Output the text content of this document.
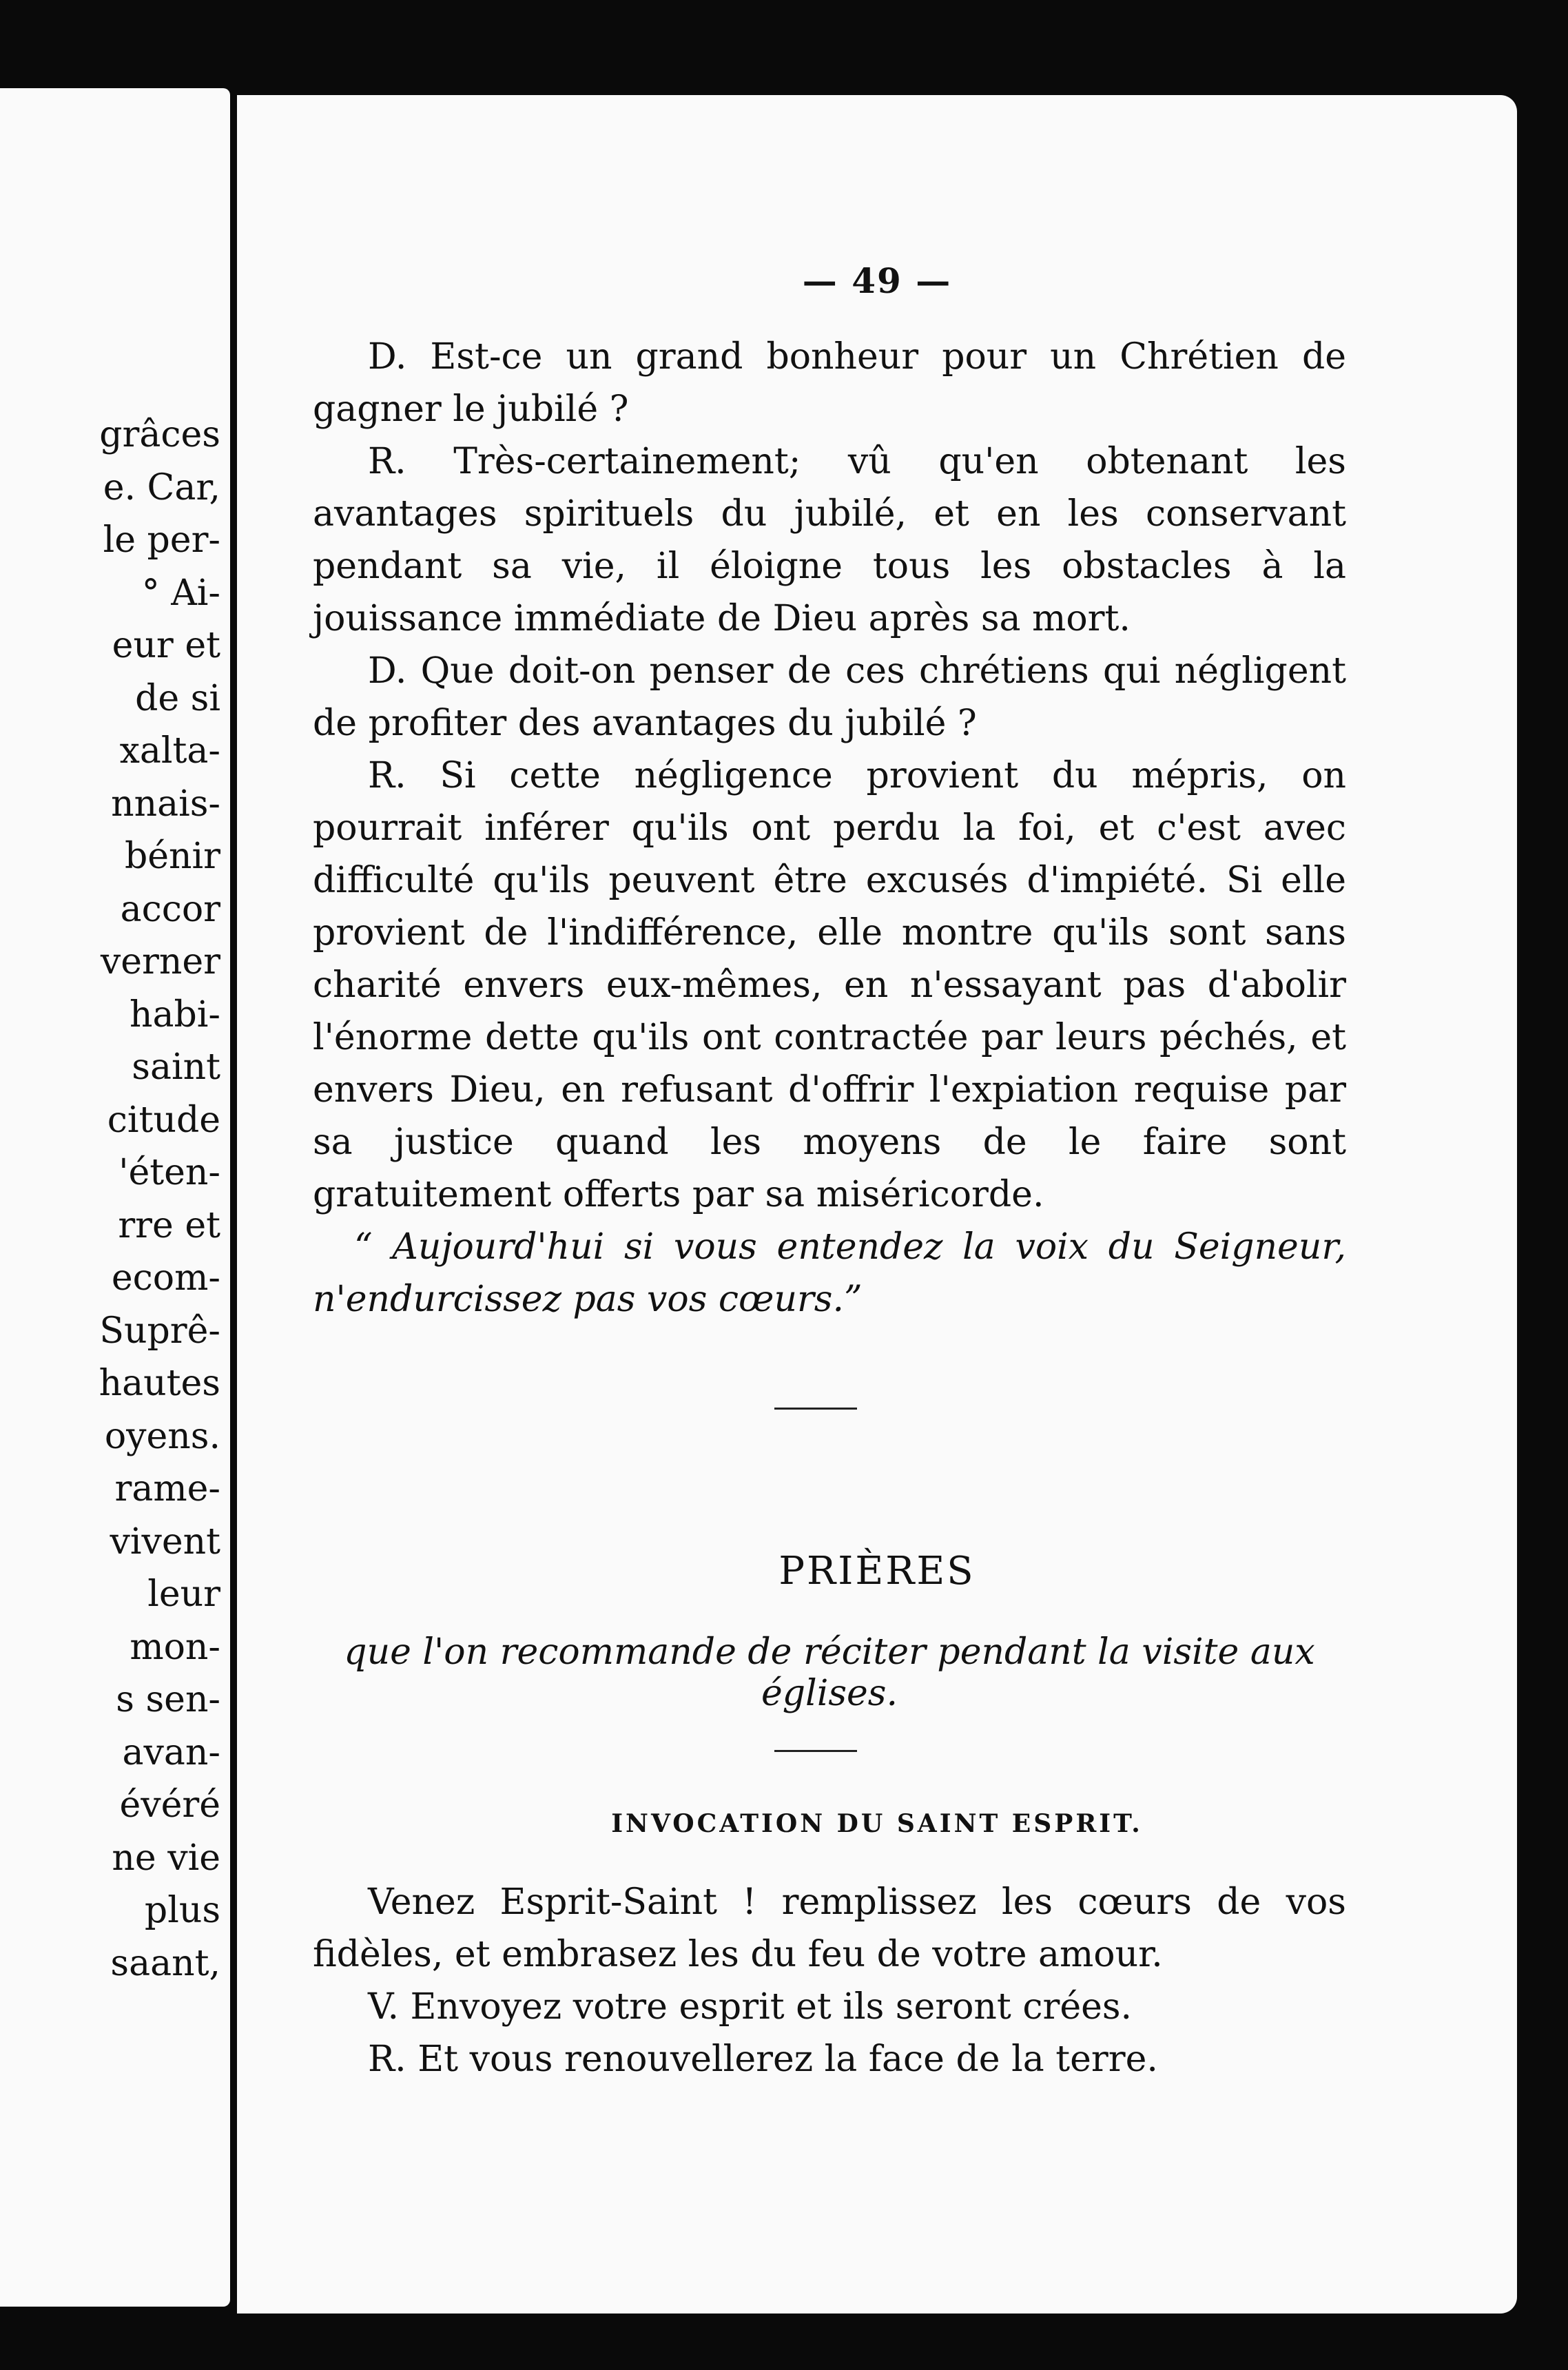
grâces
e. Car,
le per-
° Ai-
eur et
de si
xalta-
nnais-
bénir
accor
verner
habi-
saint
citude
'éten-
rre et
ecom-
Suprê-
hautes
oyens.
rame-
vivent
leur
mon-
s sen-
avan-
évéré
ne vie
plus
saant,
— 49 —

D. Est-ce un grand bonheur pour un Chrétien de gagner le jubilé ?

R. Très-certainement; vû qu'en obtenant les avantages spirituels du jubilé, et en les conservant pendant sa vie, il éloigne tous les obstacles à la jouissance immédiate de Dieu après sa mort.

D. Que doit-on penser de ces chrétiens qui négligent de profiter des avantages du jubilé ?

R. Si cette négligence provient du mépris, on pourrait inférer qu'ils ont perdu la foi, et c'est avec difficulté qu'ils peuvent être excusés d'impiété. Si elle provient de l'indifférence, elle montre qu'ils sont sans charité envers eux-mêmes, en n'essayant pas d'abolir l'énorme dette qu'ils ont contractée par leurs péchés, et envers Dieu, en refusant d'offrir l'expiation requise par sa justice quand les moyens de le faire sont gratuitement offerts par sa miséricorde.

“ Aujourd'hui si vous entendez la voix du Seigneur, n'endurcissez pas vos cœurs.”

PRIÈRES
que l'on recommande de réciter pendant la visite aux églises.
INVOCATION DU SAINT ESPRIT.

Venez Esprit-Saint ! remplissez les cœurs de vos fidèles, et embrasez les du feu de votre amour.

V. Envoyez votre esprit et ils seront crées.

R. Et vous renouvellerez la face de la terre.
